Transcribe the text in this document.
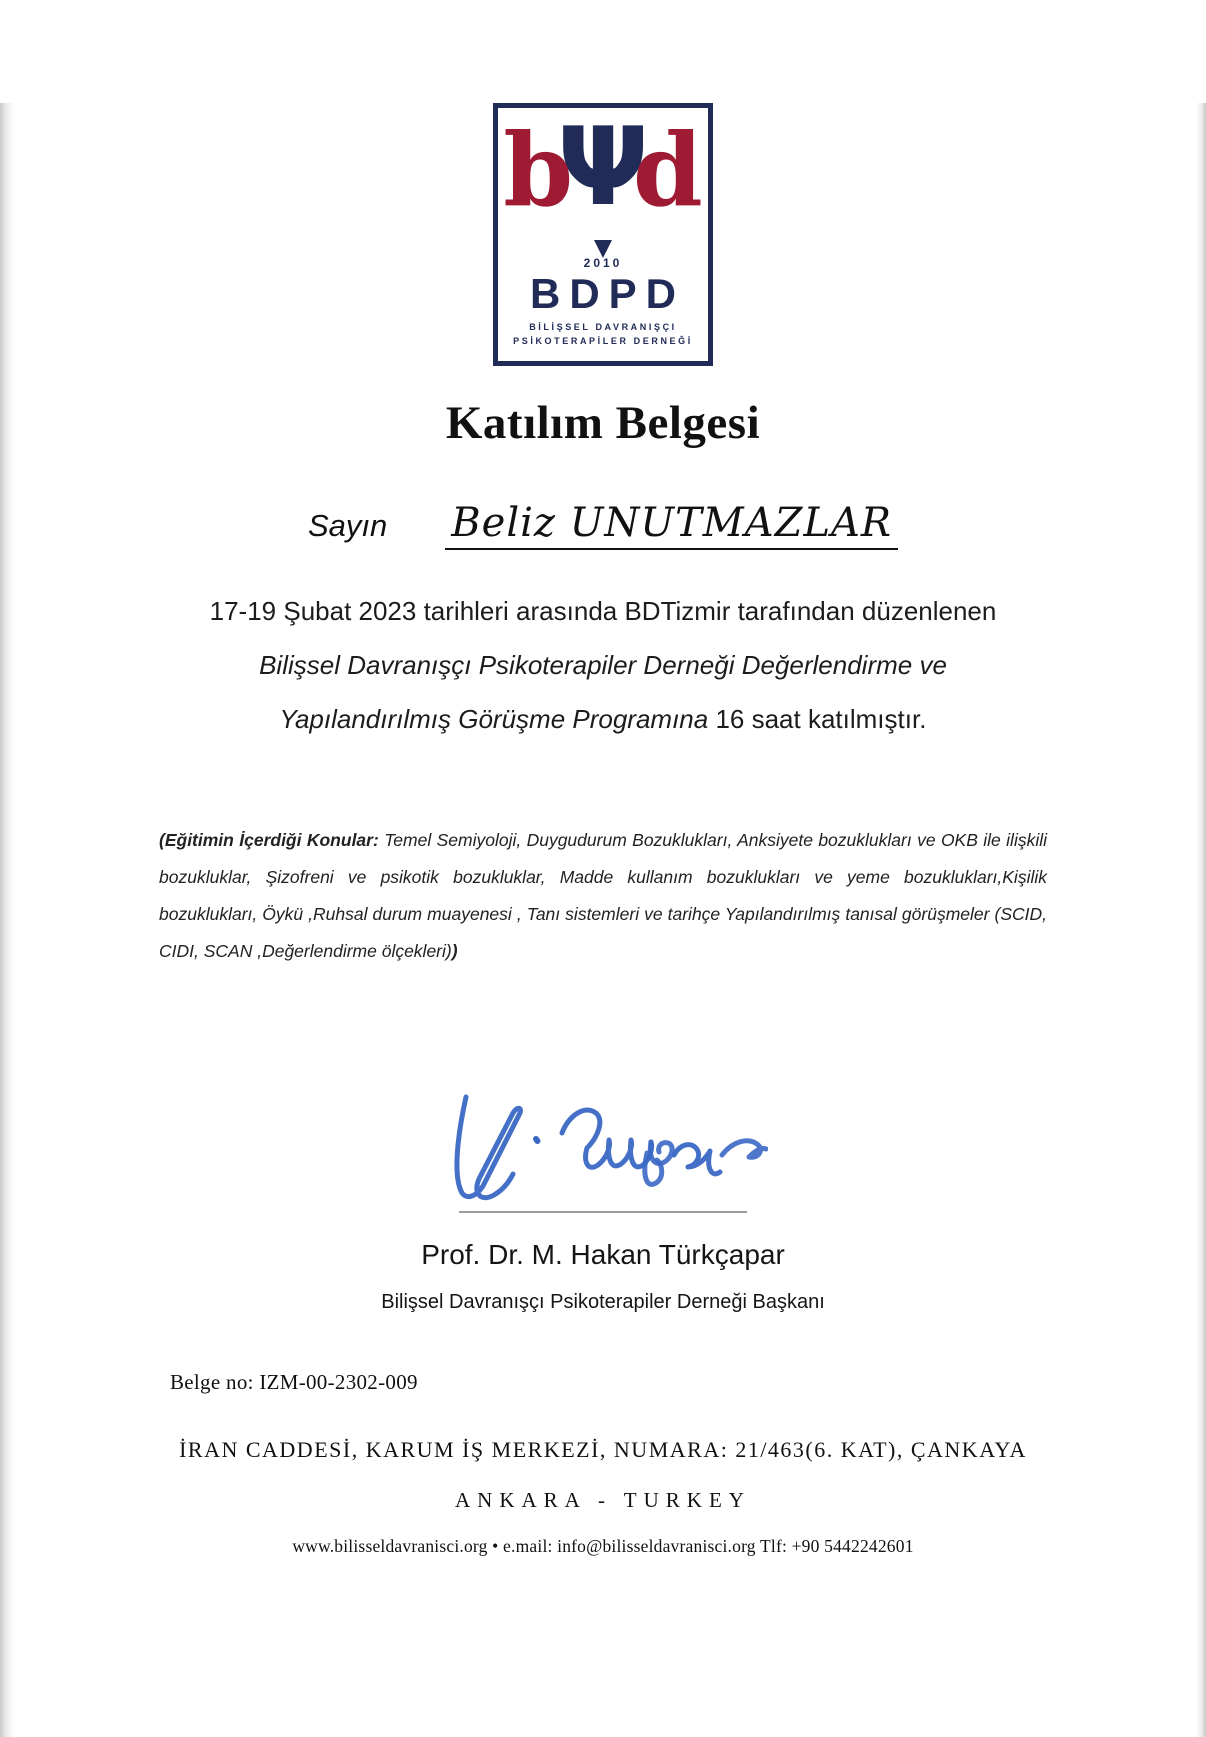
b
Ψ
d
2010
BDPD
BİLİŞSEL DAVRANIŞÇI
PSİKOTERAPİLER DERNEĞİ
Katılım Belgesi
Sayın Beliz UNUTMAZLAR

17-19 Şubat 2023 tarihleri arasında BDTizmir tarafından düzenlenen Bilişsel Davranışçı Psikoterapiler Derneği Değerlendirme ve Yapılandırılmış Görüşme Programına 16 saat katılmıştır.

(Eğitimin İçerdiği Konular: Temel Semiyoloji, Duygudurum Bozuklukları, Anksiyete bozuklukları ve OKB ile ilişkili bozukluklar, Şizofreni ve psikotik bozukluklar, Madde kullanım bozuklukları ve yeme bozuklukları,Kişilik bozuklukları, Öykü ,Ruhsal durum muayenesi , Tanı sistemleri ve tarihçe Yapılandırılmış tanısal görüşmeler (SCID, CIDI, SCAN ,Değerlendirme ölçekleri))

Prof. Dr. M. Hakan Türkçapar
Bilişsel Davranışçı Psikoterapiler Derneği Başkanı
Belge no: IZM-00-2302-009
İRAN CADDESİ, KARUM İŞ MERKEZİ, NUMARA: 21/463(6. KAT), ÇANKAYA
ANKARA - TURKEY
www.bilisseldavranisci.org • e.mail: info@bilisseldavranisci.org Tlf: +90 5442242601
